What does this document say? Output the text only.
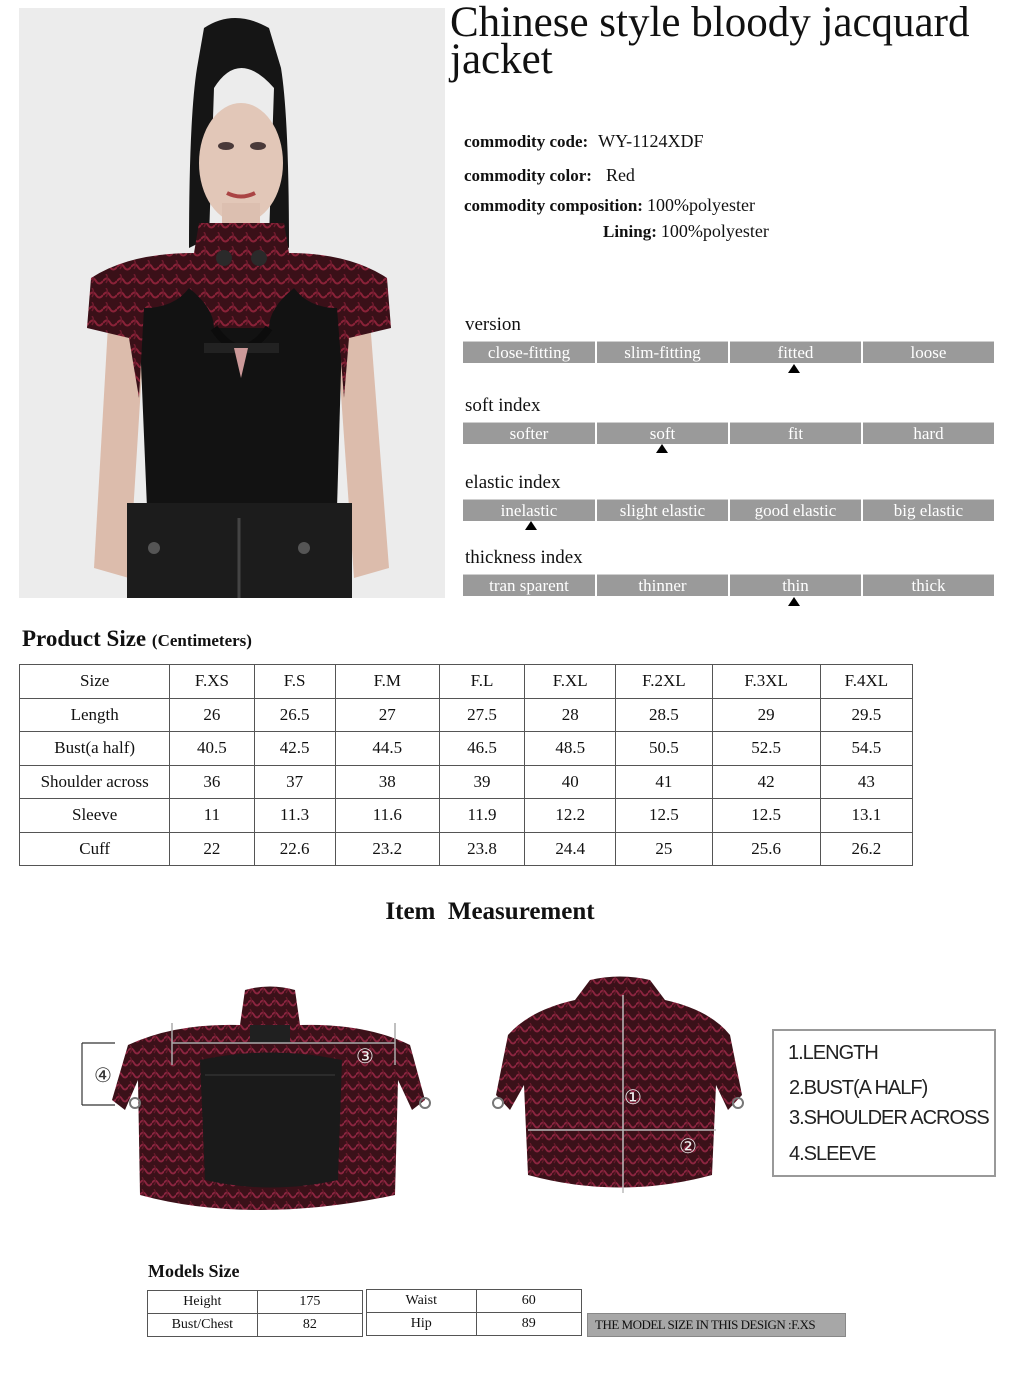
Chinese style bloody jacquard jacket
commodity code: WY-1124XDF
commodity color: Red
commodity composition: 100%polyester
Lining: 100%polyester
version
close-fitting	slim-fitting	fitted	loose
soft index
softer	soft	fit	hard
elastic index
inelastic	slight elastic	good elastic	big elastic
thickness index
tran sparent	thinner	thin	thick
Product Size (Centimeters)
Size	F.XS	F.S	F.M	F.L	F.XL	F.2XL	F.3XL	F.4XL
Length	26	26.5	27	27.5	28	28.5	29	29.5
Bust(a half)	40.5	42.5	44.5	46.5	48.5	50.5	52.5	54.5
Shoulder across	36	37	38	39	40	41	42	43
Sleeve	11	11.3	11.6	11.9	12.2	12.5	12.5	13.1
Cuff	22	22.6	23.2	23.8	24.4	25	25.6	26.2
Item  Measurement
④
③
①
②
1.LENGTH
2.BUST(A HALF)
3.SHOULDER ACROSS
4.SLEEVE
Models Size
Height	175
Bust/Chest	82
Waist	60
Hip	89	THE MODEL SIZE IN THIS DESIGN :F.XS
